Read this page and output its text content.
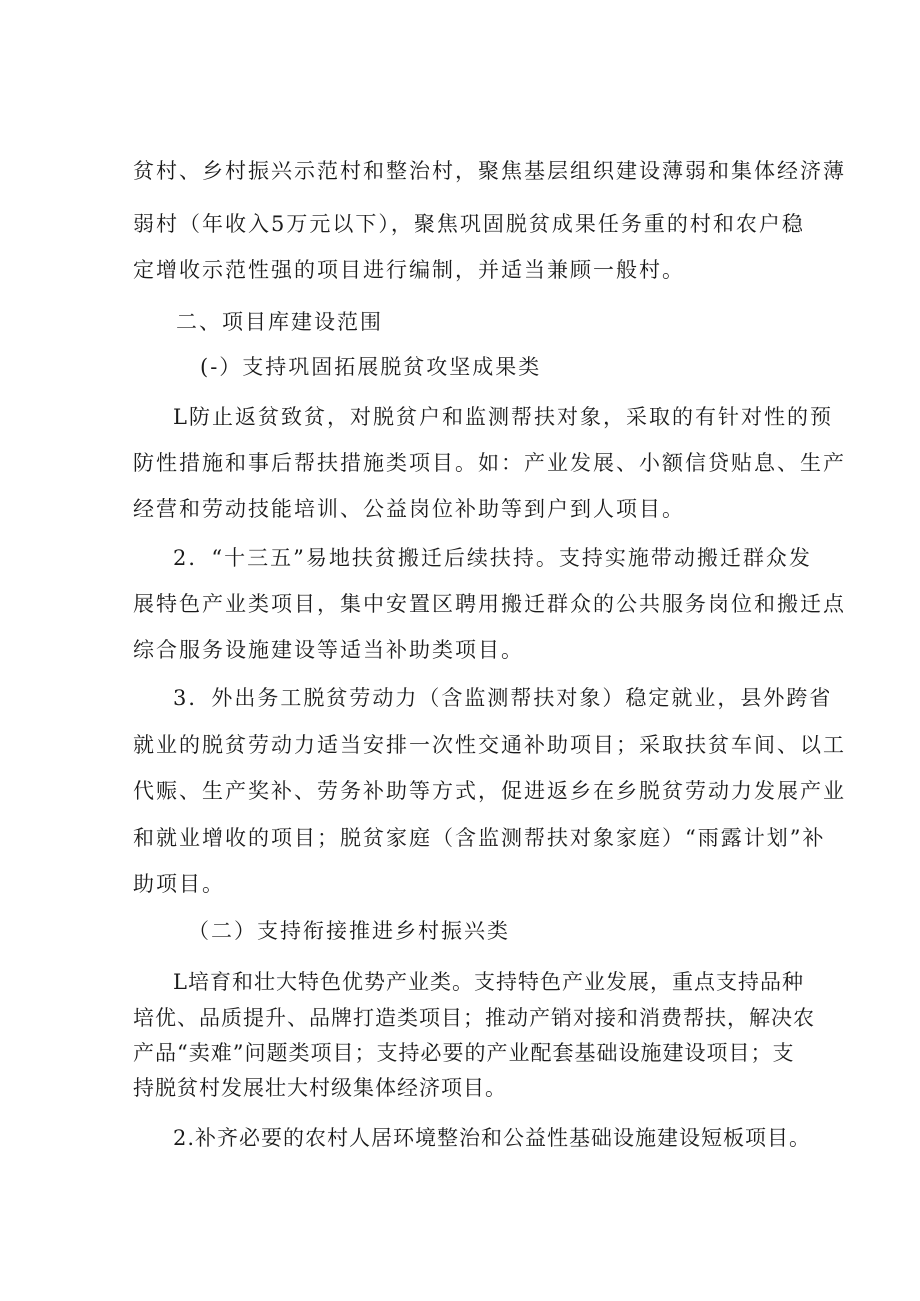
贫村、乡村振兴示范村和整治村，聚焦基层组织建设薄弱和集体经济薄
弱村（年收入5万元以下），聚焦巩固脱贫成果任务重的村和农户稳
定增收示范性强的项目进行编制，并适当兼顾一般村。
二、项目库建设范围
(-）支持巩固拓展脱贫攻坚成果类
L防止返贫致贫，对脱贫户和监测帮扶对象，采取的有针对性的预
防性措施和事后帮扶措施类项目。如：产业发展、小额信贷贴息、生产
经营和劳动技能培训、公益岗位补助等到户到人项目。
2．“十三五”易地扶贫搬迁后续扶持。支持实施带动搬迁群众发
展特色产业类项目，集中安置区聘用搬迁群众的公共服务岗位和搬迁点
综合服务设施建设等适当补助类项目。
3．外出务工脱贫劳动力（含监测帮扶对象）稳定就业，县外跨省
就业的脱贫劳动力适当安排一次性交通补助项目；采取扶贫车间、以工
代赈、生产奖补、劳务补助等方式，促进返乡在乡脱贫劳动力发展产业
和就业增收的项目；脱贫家庭（含监测帮扶对象家庭）“雨露计划”补
助项目。
（二）支持衔接推进乡村振兴类
L培育和壮大特色优势产业类。支持特色产业发展，重点支持品种
培优、品质提升、品牌打造类项目；推动产销对接和消费帮扶，解决农
产品“卖难”问题类项目；支持必要的产业配套基础设施建设项目；支
持脱贫村发展壮大村级集体经济项目。
2.补齐必要的农村人居环境整治和公益性基础设施建设短板项目。
